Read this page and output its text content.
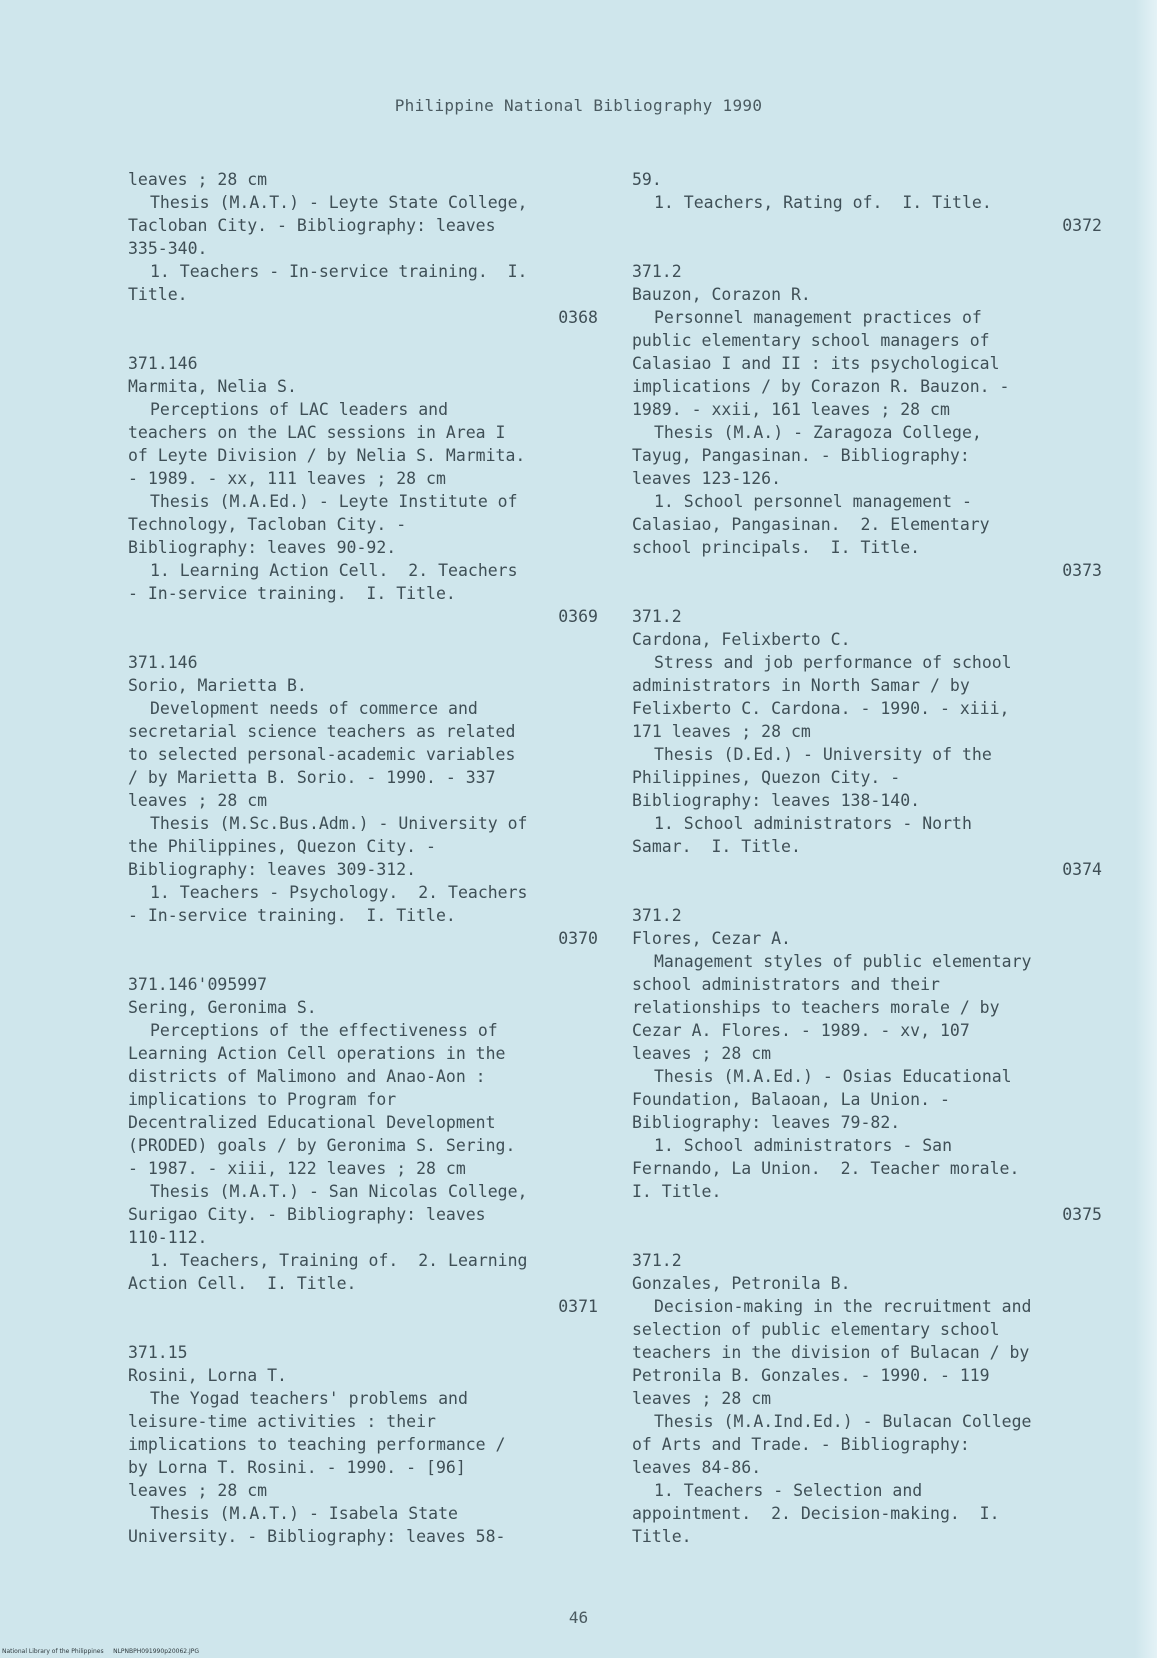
Philippine National Bibliography 1990
leaves ; 28 cm
Thesis (M.A.T.) - Leyte State College,
Tacloban City. - Bibliography: leaves
335-340.
1. Teachers - In-service training.  I.
Title.
0368
371.146
Marmita, Nelia S.
Perceptions of LAC leaders and
teachers on the LAC sessions in Area I
of Leyte Division / by Nelia S. Marmita.
- 1989. - xx, 111 leaves ; 28 cm
Thesis (M.A.Ed.) - Leyte Institute of
Technology, Tacloban City. -
Bibliography: leaves 90-92.
1. Learning Action Cell.  2. Teachers
- In-service training.  I. Title.
0369
371.146
Sorio, Marietta B.
Development needs of commerce and
secretarial science teachers as related
to selected personal-academic variables
/ by Marietta B. Sorio. - 1990. - 337
leaves ; 28 cm
Thesis (M.Sc.Bus.Adm.) - University of
the Philippines, Quezon City. -
Bibliography: leaves 309-312.
1. Teachers - Psychology.  2. Teachers
- In-service training.  I. Title.
0370
371.146'095997
Sering, Geronima S.
Perceptions of the effectiveness of
Learning Action Cell operations in the
districts of Malimono and Anao-Aon :
implications to Program for
Decentralized Educational Development
(PRODED) goals / by Geronima S. Sering.
- 1987. - xiii, 122 leaves ; 28 cm
Thesis (M.A.T.) - San Nicolas College,
Surigao City. - Bibliography: leaves
110-112.
1. Teachers, Training of.  2. Learning
Action Cell.  I. Title.
0371
371.15
Rosini, Lorna T.
The Yogad teachers' problems and
leisure-time activities : their
implications to teaching performance /
by Lorna T. Rosini. - 1990. - [96]
leaves ; 28 cm
Thesis (M.A.T.) - Isabela State
University. - Bibliography: leaves 58-
59.
1. Teachers, Rating of.  I. Title.
0372
371.2
Bauzon, Corazon R.
Personnel management practices of
public elementary school managers of
Calasiao I and II : its psychological
implications / by Corazon R. Bauzon. -
1989. - xxii, 161 leaves ; 28 cm
Thesis (M.A.) - Zaragoza College,
Tayug, Pangasinan. - Bibliography:
leaves 123-126.
1. School personnel management -
Calasiao, Pangasinan.  2. Elementary
school principals.  I. Title.
0373
371.2
Cardona, Felixberto C.
Stress and job performance of school
administrators in North Samar / by
Felixberto C. Cardona. - 1990. - xiii,
171 leaves ; 28 cm
Thesis (D.Ed.) - University of the
Philippines, Quezon City. -
Bibliography: leaves 138-140.
1. School administrators - North
Samar.  I. Title.
0374
371.2
Flores, Cezar A.
Management styles of public elementary
school administrators and their
relationships to teachers morale / by
Cezar A. Flores. - 1989. - xv, 107
leaves ; 28 cm
Thesis (M.A.Ed.) - Osias Educational
Foundation, Balaoan, La Union. -
Bibliography: leaves 79-82.
1. School administrators - San
Fernando, La Union.  2. Teacher morale.
I. Title.
0375
371.2
Gonzales, Petronila B.
Decision-making in the recruitment and
selection of public elementary school
teachers in the division of Bulacan / by
Petronila B. Gonzales. - 1990. - 119
leaves ; 28 cm
Thesis (M.A.Ind.Ed.) - Bulacan College
of Arts and Trade. - Bibliography:
leaves 84-86.
1. Teachers - Selection and
appointment.  2. Decision-making.  I.
Title.
46
National Library of the Philippines     NLPNBPH091990p20062.JPG
